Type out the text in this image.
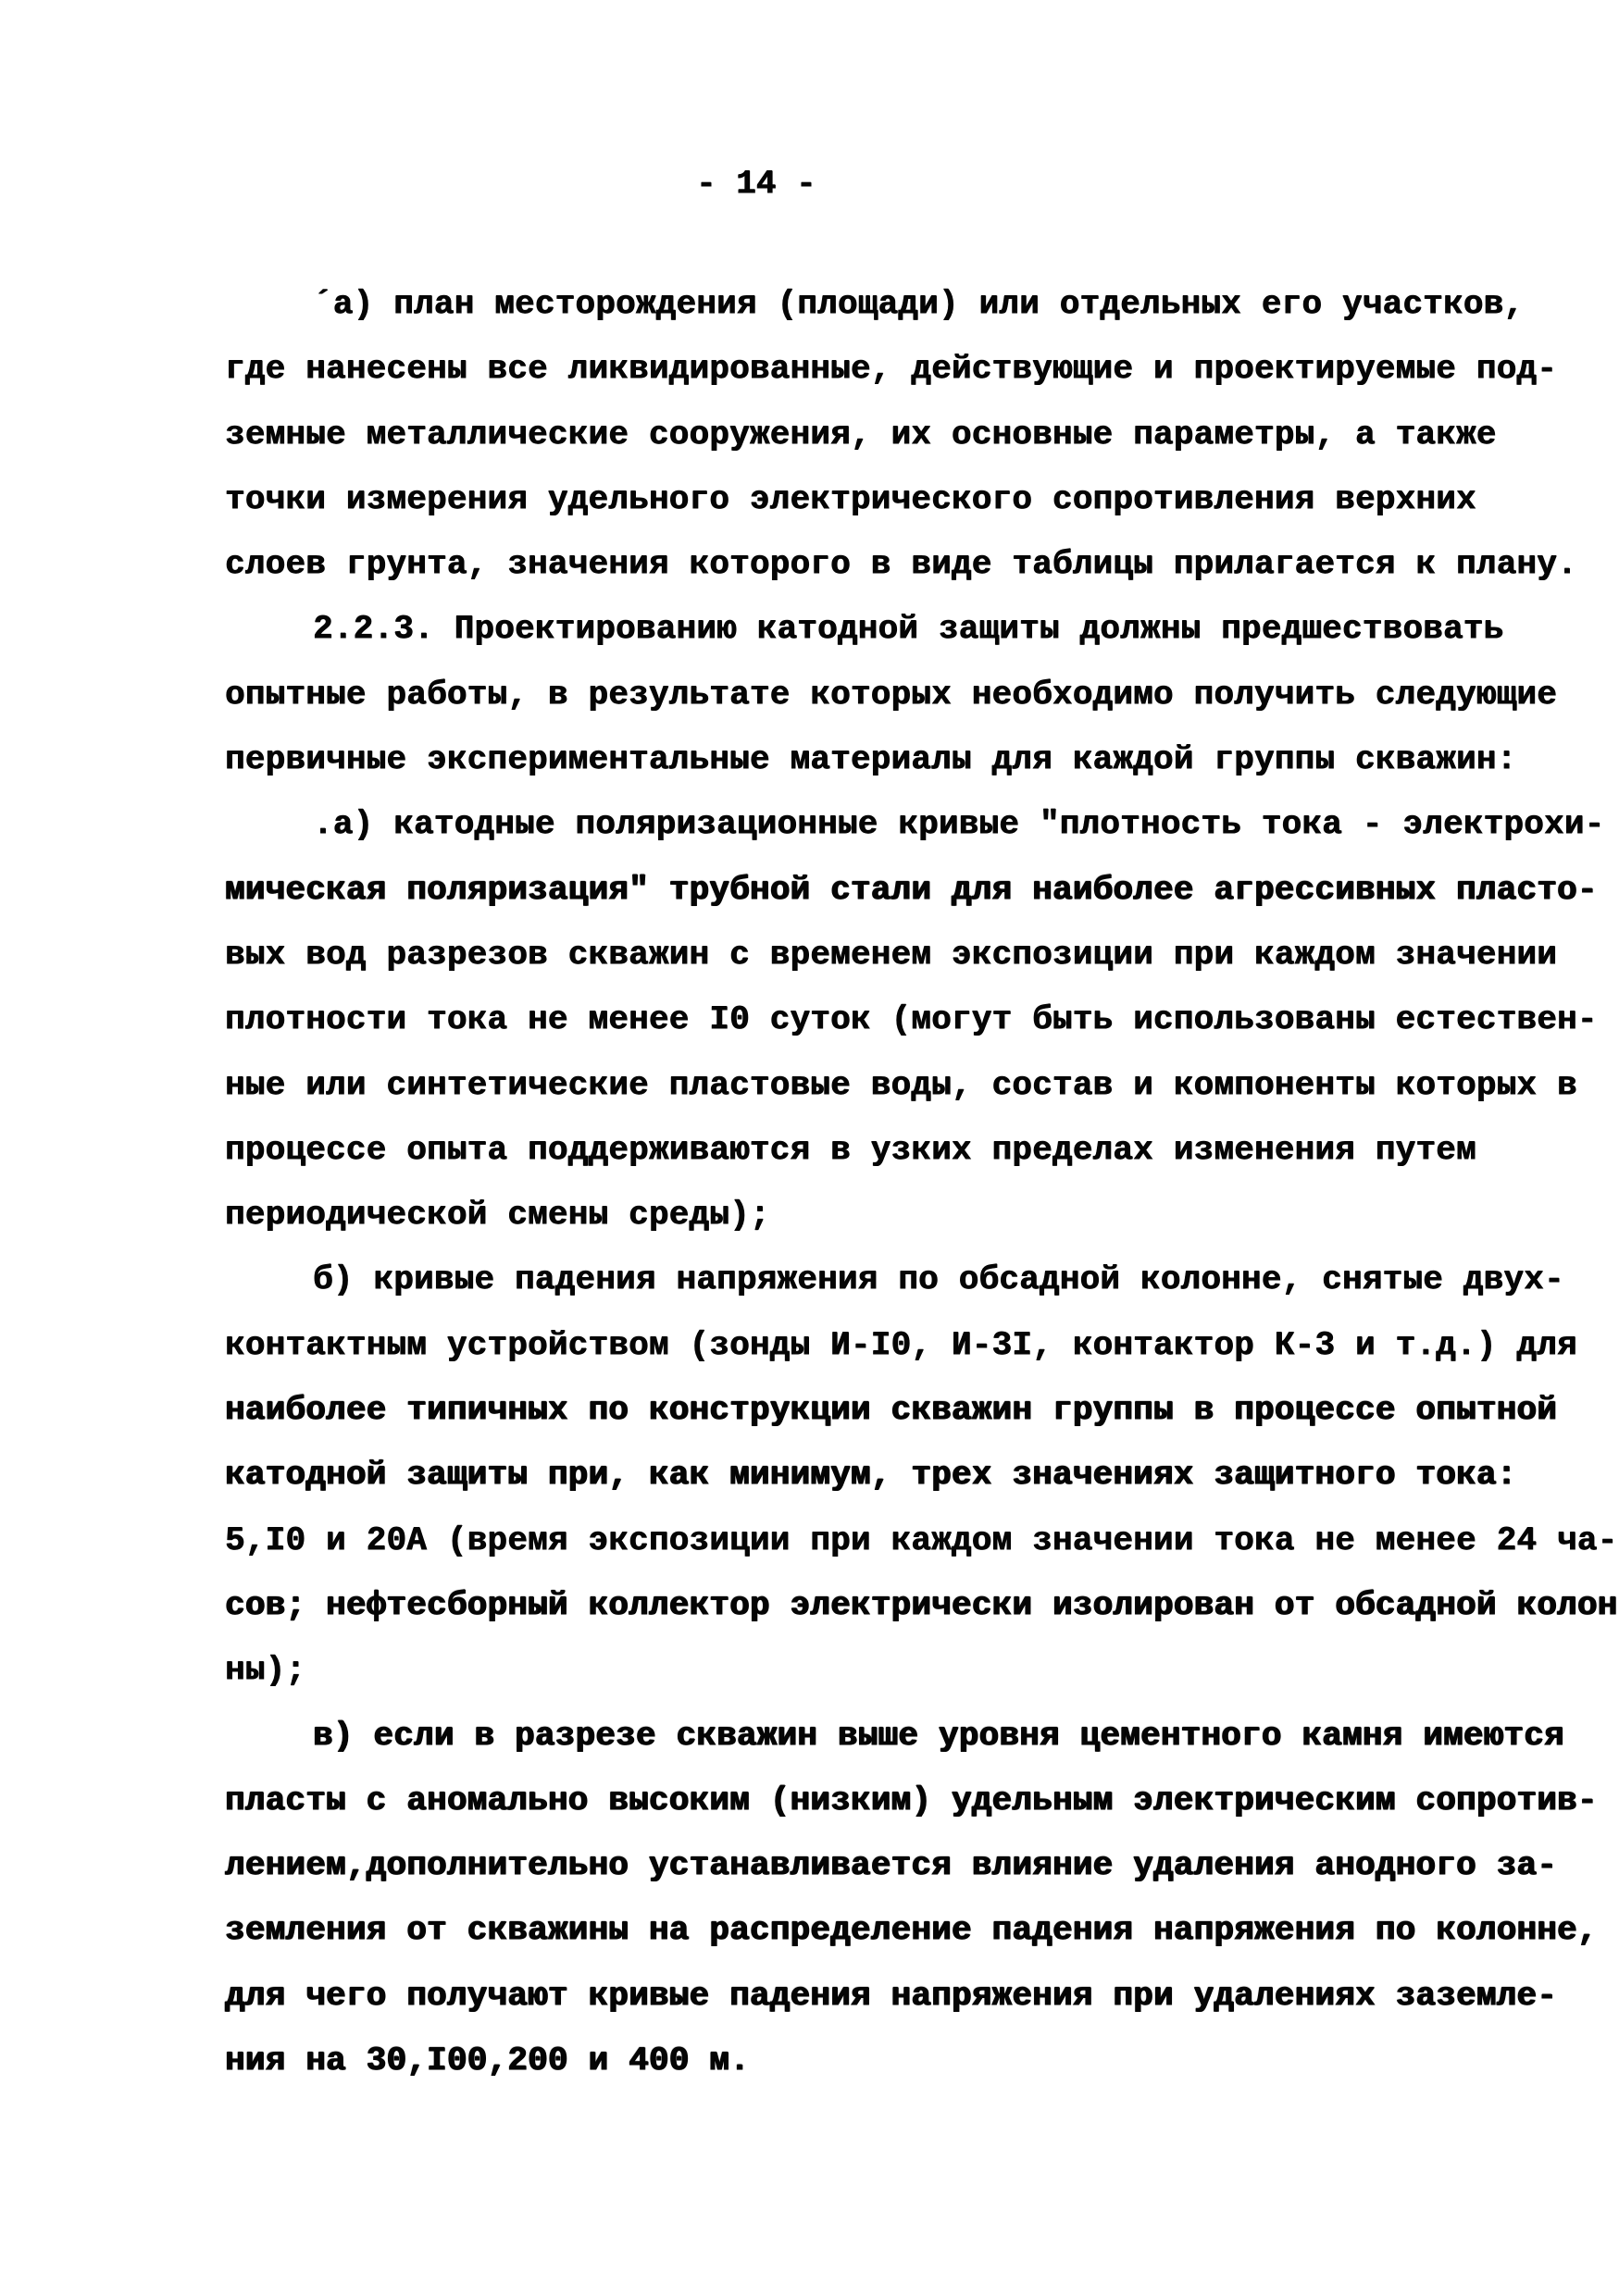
- 14 -
´а) план месторождения (площади) или отдельных его участков,
где нанесены все ликвидированные, действующие и проектируемые под-
земные металлические сооружения, их основные параметры, а также
точки измерения удельного электрического сопротивления верхних
слоев грунта, значения которого в виде таблицы прилагается к плану.
2.2.3. Проектированию катодной защиты должны предшествовать
опытные работы, в результате которых необходимо получить следующие
первичные экспериментальные материалы для каждой группы скважин:
.а) катодные поляризационные кривые "плотность тока - электрохи-
мическая поляризация" трубной стали для наиболее агрессивных пласто-
вых вод разрезов скважин с временем экспозиции при каждом значении
плотности тока не менее I0 суток (могут быть использованы естествен-
ные или синтетические пластовые воды, состав и компоненты которых в
процессе опыта поддерживаются в узких пределах изменения путем
периодической смены среды);
б) кривые падения напряжения по обсадной колонне, снятые двух-
контактным устройством (зонды И-I0, И-3I, контактор К-3 и т.д.) для
наиболее типичных по конструкции скважин группы в процессе опытной
катодной защиты при, как минимум, трех значениях защитного тока:
5,I0 и 20А (время экспозиции при каждом значении тока не менее 24 ча-
сов; нефтесборный коллектор электрически изолирован от обсадной колон
ны);
в) если в разрезе скважин выше уровня цементного камня имеются
пласты с аномально высоким (низким) удельным электрическим сопротив-
лением,дополнительно устанавливается влияние удаления анодного за-
земления от скважины на распределение падения напряжения по колонне,
для чего получают кривые падения напряжения при удалениях заземле-
ния на 30,I00,200 и 400 м.
